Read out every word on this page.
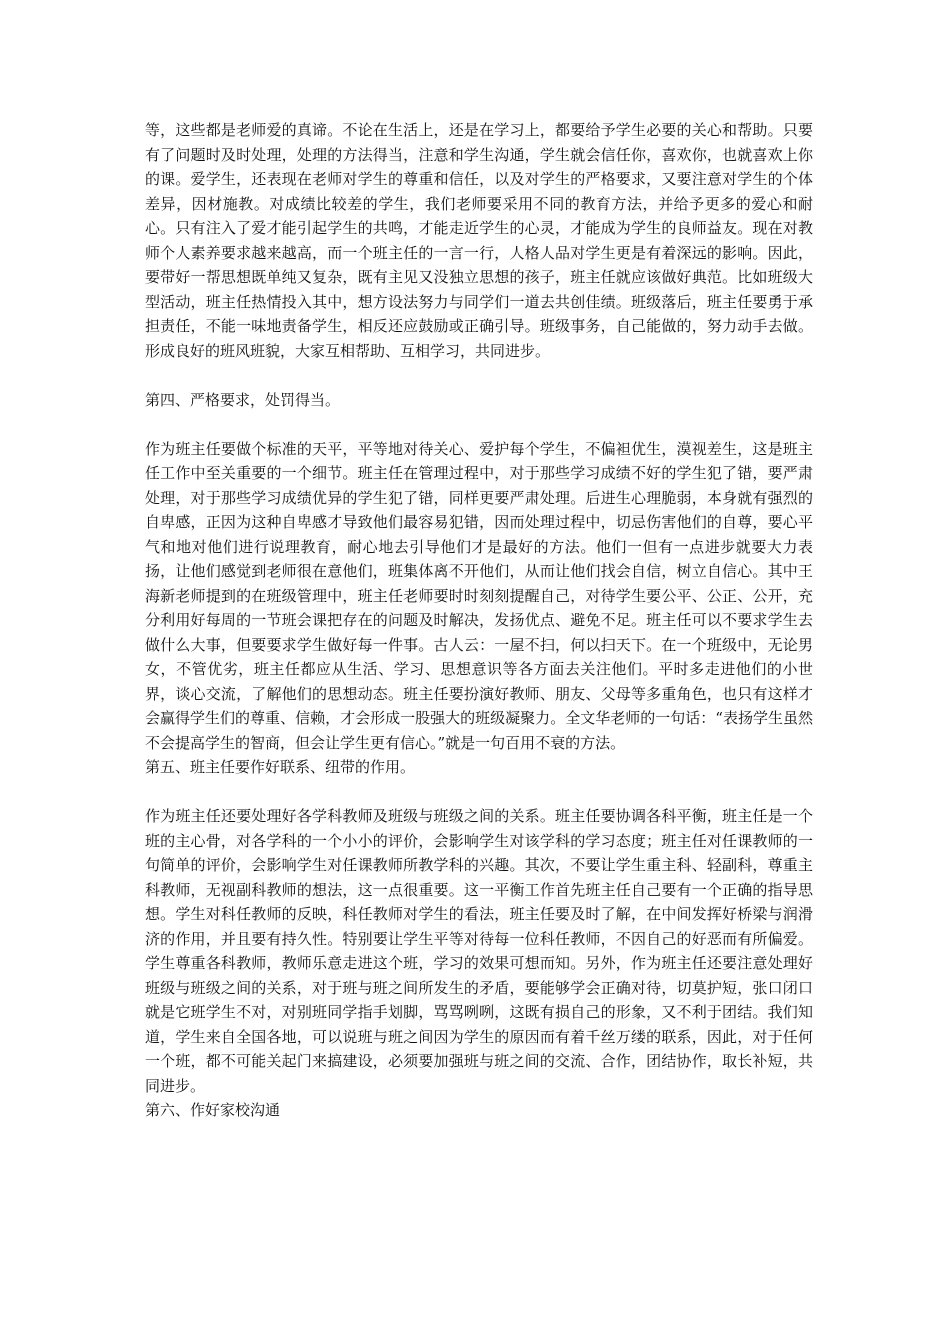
等，这些都是老师爱的真谛。不论在生活上，还是在学习上，都要给予学生必要的关心和帮助。只要有了问题时及时处理，处理的方法得当，注意和学生沟通，学生就会信任你，喜欢你，也就喜欢上你的课。爱学生，还表现在老师对学生的尊重和信任，以及对学生的严格要求，又要注意对学生的个体差异，因材施教。对成绩比较差的学生，我们老师要采用不同的教育方法，并给予更多的爱心和耐心。只有注入了爱才能引起学生的共鸣，才能走近学生的心灵，才能成为学生的良师益友。现在对教师个人素养要求越来越高，而一个班主任的一言一行，人格人品对学生更是有着深远的影响。因此，要带好一帮思想既单纯又复杂，既有主见又没独立思想的孩子，班主任就应该做好典范。比如班级大型活动，班主任热情投入其中，想方设法努力与同学们一道去共创佳绩。班级落后，班主任要勇于承担责任，不能一味地责备学生，相反还应鼓励或正确引导。班级事务，自己能做的，努力动手去做。形成良好的班风班貌，大家互相帮助、互相学习，共同进步。

第四、严格要求，处罚得当。

作为班主任要做个标准的天平，平等地对待关心、爱护每个学生，不偏袒优生，漠视差生，这是班主任工作中至关重要的一个细节。班主任在管理过程中，对于那些学习成绩不好的学生犯了错，要严肃处理，对于那些学习成绩优异的学生犯了错，同样更要严肃处理。后进生心理脆弱，本身就有强烈的自卑感，正因为这种自卑感才导致他们最容易犯错，因而处理过程中，切忌伤害他们的自尊，要心平气和地对他们进行说理教育，耐心地去引导他们才是最好的方法。他们一但有一点进步就要大力表扬，让他们感觉到老师很在意他们，班集体离不开他们，从而让他们找会自信，树立自信心。其中王海新老师提到的在班级管理中，班主任老师要时时刻刻提醒自己，对待学生要公平、公正、公开，充分利用好每周的一节班会课把存在的问题及时解决，发扬优点、避免不足。班主任可以不要求学生去做什么大事，但要要求学生做好每一件事。古人云：一屋不扫，何以扫天下。在一个班级中，无论男女，不管优劣，班主任都应从生活、学习、思想意识等各方面去关注他们。平时多走进他们的小世界，谈心交流，了解他们的思想动态。班主任要扮演好教师、朋友、父母等多重角色，也只有这样才会赢得学生们的尊重、信赖，才会形成一股强大的班级凝聚力。全文华老师的一句话：“表扬学生虽然不会提高学生的智商，但会让学生更有信心。”就是一句百用不衰的方法。

第五、班主任要作好联系、纽带的作用。

作为班主任还要处理好各学科教师及班级与班级之间的关系。班主任要协调各科平衡，班主任是一个班的主心骨，对各学科的一个小小的评价，会影响学生对该学科的学习态度；班主任对任课教师的一句简单的评价，会影响学生对任课教师所教学科的兴趣。其次，不要让学生重主科、轻副科，尊重主科教师，无视副科教师的想法，这一点很重要。这一平衡工作首先班主任自己要有一个正确的指导思想。学生对科任教师的反映，科任教师对学生的看法，班主任要及时了解，在中间发挥好桥梁与润滑济的作用，并且要有持久性。特别要让学生平等对待每一位科任教师，不因自己的好恶而有所偏爱。学生尊重各科教师，教师乐意走进这个班，学习的效果可想而知。另外，作为班主任还要注意处理好班级与班级之间的关系，对于班与班之间所发生的矛盾，要能够学会正确对待，切莫护短，张口闭口就是它班学生不对，对别班同学指手划脚，骂骂咧咧，这既有损自己的形象，又不利于团结。我们知道，学生来自全国各地，可以说班与班之间因为学生的原因而有着千丝万缕的联系，因此，对于任何一个班，都不可能关起门来搞建设，必须要加强班与班之间的交流、合作，团结协作，取长补短，共同进步。

第六、作好家校沟通
